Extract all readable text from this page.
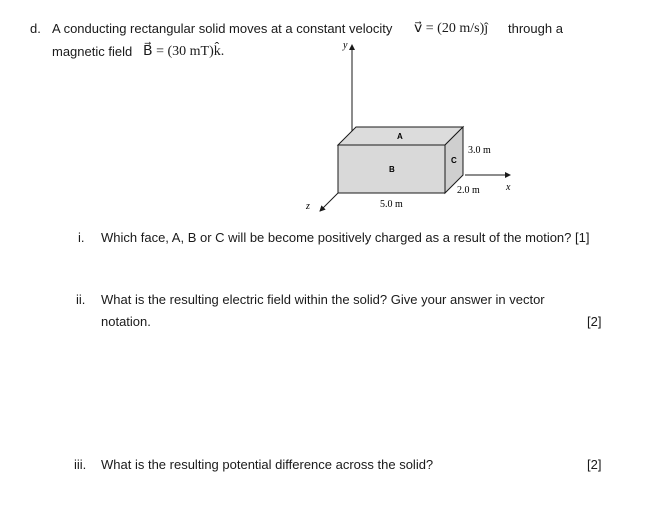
d. A conducting rectangular solid moves at a constant velocity v⃗ = (20 m/s)ĵ through a
magnetic field B⃗ = (30 mT)k̂.	y
x
z
A
B
C
3.0 m
2.0 m
5.0 m
i. Which face, A, B or C will be become positively charged as a result of the motion? [1]
ii. What is the resulting electric field within the solid? Give your answer in vector
notation.	[2]
iii. What is the resulting potential difference across the solid?	[2]
